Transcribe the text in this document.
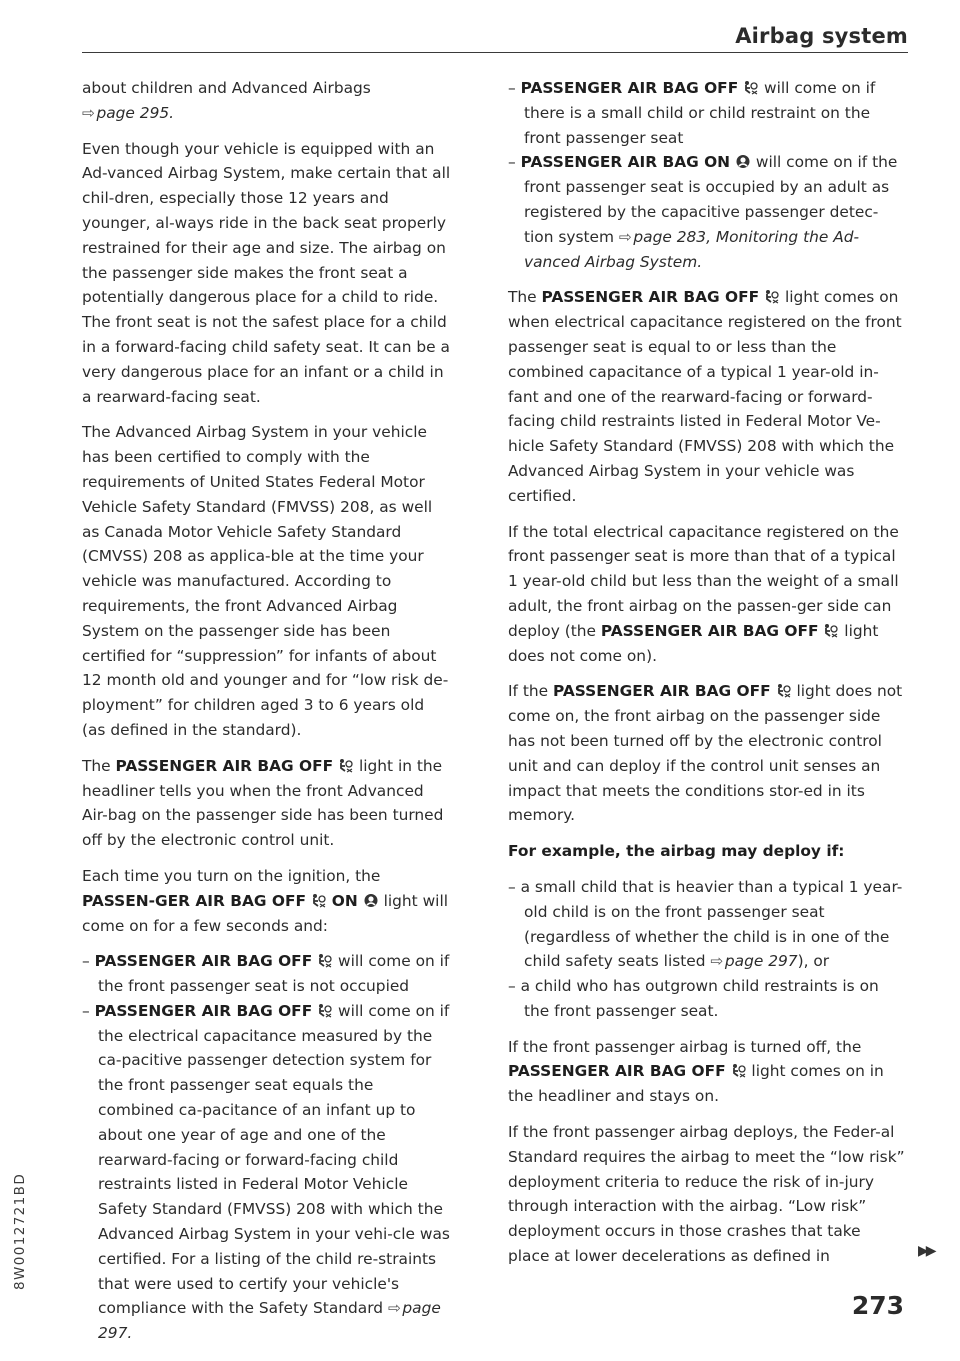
Airbag system

about children and Advanced Airbags
⇨  page 295.

Even though your vehicle is equipped with an Ad-vanced Airbag System, make certain that all chil-dren, especially those 12 years and younger, al-ways ride in the back seat properly restrained for their age and size. The airbag on the passenger side makes the front seat a potentially dangerous place for a child to ride. The front seat is not the safest place for a child in a forward-facing child safety seat. It can be a very dangerous place for an infant or a child in a rearward-facing seat.

The Advanced Airbag System in your vehicle has been certified to comply with the requirements of United States Federal Motor Vehicle Safety Standard (FMVSS) 208, as well as Canada Motor Vehicle Safety Standard (CMVSS) 208 as applica-ble at the time your vehicle was manufactured. According to requirements, the front Advanced Airbag System on the passenger side has been certified for “suppression” for infants of about 12 month old and younger and for “low risk de-ployment” for children aged 3 to 6 years old (as defined in the standard).

The PASSENGER AIR BAG OFF light in the headliner tells you when the front Advanced Air-bag on the passenger side has been turned off by the electronic control unit.

Each time you turn on the ignition, the PASSEN-GER AIR BAG OFF ON light will come on for a few seconds and:

– PASSENGER AIR BAG OFF will come on if the front passenger seat is not occupied
– PASSENGER AIR BAG OFF will come on if the electrical capacitance measured by the ca-pacitive passenger detection system for the front passenger seat equals the combined ca-pacitance of an infant up to about one year of age and one of the rearward-facing or forward-facing child restraints listed in Federal Motor Vehicle Safety Standard (FMVSS) 208 with which the Advanced Airbag System in your vehi-cle was certified. For a listing of the child re-straints that were used to certify your vehicle's compliance with the Safety Standard ⇨  page 297.
– PASSENGER AIR BAG OFF will come on if there is a small child or child restraint on the front passenger seat
– PASSENGER AIR BAG ON will come on if the front passenger seat is occupied by an adult as registered by the capacitive passenger detec-tion system ⇨  page 283, Monitoring the Ad-vanced Airbag System.

The PASSENGER AIR BAG OFF light comes on when electrical capacitance registered on the front passenger seat is equal to or less than the combined capacitance of a typical 1 year-old in-fant and one of the rearward-facing or forward-facing child restraints listed in Federal Motor Ve-hicle Safety Standard (FMVSS) 208 with which the Advanced Airbag System in your vehicle was certified.

If the total electrical capacitance registered on the front passenger seat is more than that of a typical 1 year-old child but less than the weight of a small adult, the front airbag on the passen-ger side can deploy (the PASSENGER AIR BAG OFF light does not come on).

If the PASSENGER AIR BAG OFF light does not come on, the front airbag on the passenger side has not been turned off by the electronic control unit and can deploy if the control unit senses an impact that meets the conditions stor-ed in its memory.

For example, the airbag may deploy if:

– a small child that is heavier than a typical 1 year-old child is on the front passenger seat (regardless of whether the child is in one of the child safety seats listed ⇨  page 297), or
– a child who has outgrown child restraints is on the front passenger seat.

If the front passenger airbag is turned off, the PASSENGER AIR BAG OFF light comes on in the headliner and stays on.

If the front passenger airbag deploys, the Feder-al Standard requires the airbag to meet the “low risk” deployment criteria to reduce the risk of in-jury through interaction with the airbag. “Low risk” deployment occurs in those crashes that take place at lower decelerations as defined in

8W0012721BD	▶▶
273
